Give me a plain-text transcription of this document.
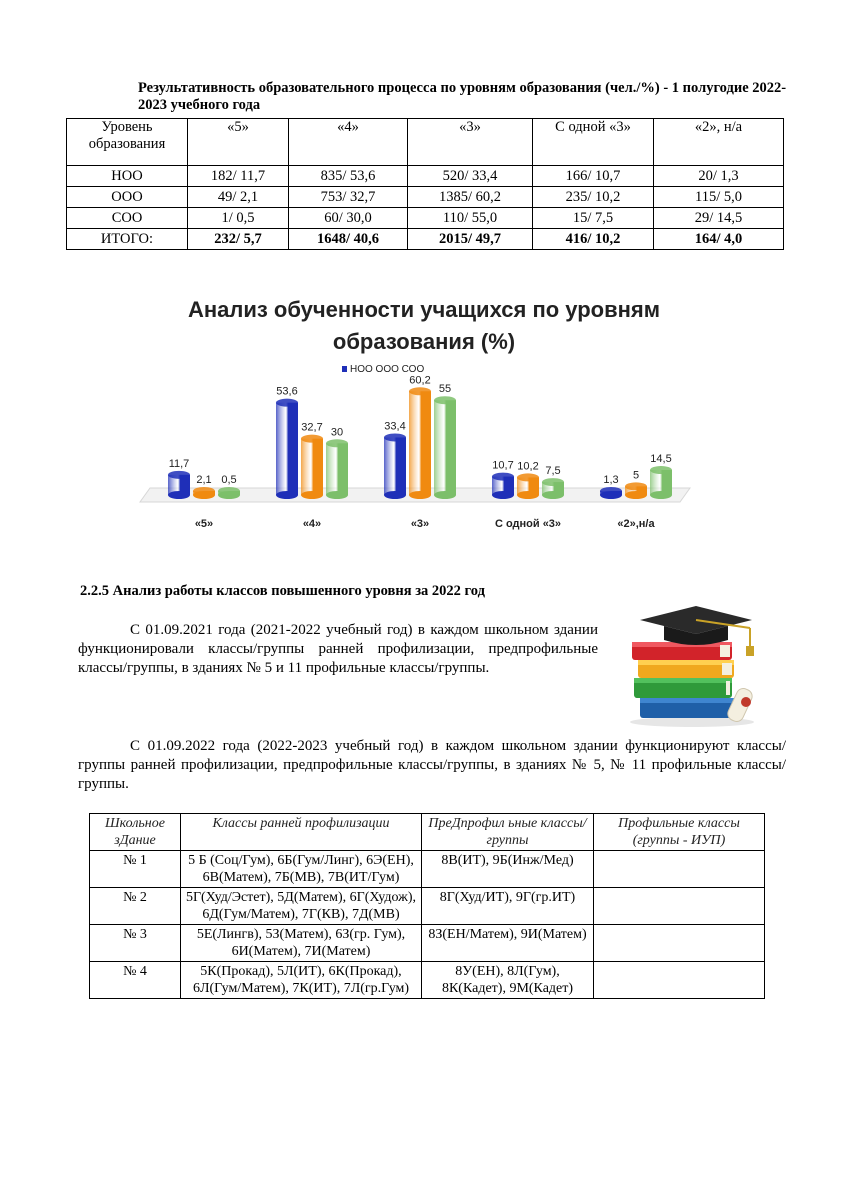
Результативность образовательного процесса по уровням образования (чел./%) - 1 полугодие 2022-2023 учебного года
Уровень образования	«5»	«4»	«3»	С одной «3»	«2», н/а
НОО	182/ 11,7	835/ 53,6	520/ 33,4	166/ 10,7	20/ 1,3
ООО	49/ 2,1	753/ 32,7	1385/ 60,2	235/ 10,2	115/ 5,0
СОО	1/ 0,5	60/ 30,0	110/ 55,0	15/ 7,5	29/ 14,5
ИТОГО:	232/ 5,7	1648/ 40,6	2015/ 49,7	416/ 10,2	164/ 4,0
Анализ обученности учащихся по уровням образования (%)
НОО ООО СОО
11,7
2,1 0,5
53,6
32,7 30	33,4
60,2
55
10,7 10,2 7,5
1,3 5
14,5
«5»	«4»	«3»	С одной «3»	«2»,н/а
2.2.5 Анализ работы классов повышенного уровня за 2022 год
С 01.09.2021 года (2021-2022 учебный год) в каждом школьном здании функционировали классы/группы ранней профилизации, предпрофильные классы/группы, в зданиях № 5 и 11 профильные классы/группы.
С 01.09.2022 года (2022-2023 учебный год) в каждом школьном здании функционируют классы/группы ранней профилизации, предпрофильные классы/группы, в зданиях № 5, № 11 профильные классы/группы.
Школьное зДание	Классы ранней профилизации	ПреДпрофил ьные классы/группы	Профильные классы (группы - ИУП)
№ 1	5 Б (Соц/Гум), 6Б(Гум/Линг), 6Э(ЕН), 6В(Матем), 7Б(МВ), 7В(ИТ/Гум)	8В(ИТ), 9Б(Инж/Мед)	
№ 2	5Г(Худ/Эстет), 5Д(Матем), 6Г(Худож), 6Д(Гум/Матем), 7Г(КВ), 7Д(МВ)	8Г(Худ/ИТ), 9Г(гр.ИТ)	
№ 3	5Е(Лингв), 5З(Матем), 6З(гр. Гум), 6И(Матем), 7И(Матем)	8З(ЕН/Матем), 9И(Матем)	
№ 4	5К(Прокад), 5Л(ИТ), 6К(Прокад), 6Л(Гум/Матем), 7К(ИТ), 7Л(гр.Гум)	8У(ЕН), 8Л(Гум), 8К(Кадет), 9М(Кадет)	
